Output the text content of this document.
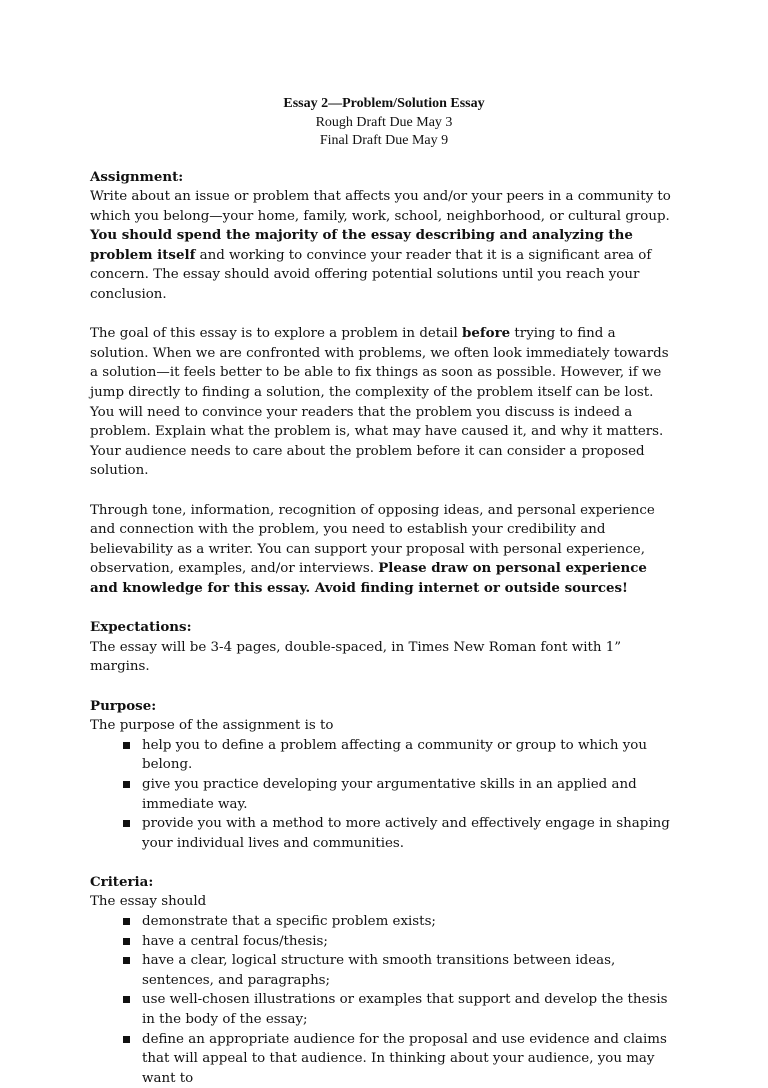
Essay 2—Problem/Solution Essay
Rough Draft Due May 3
Final Draft Due May 9

Assignment:
Write about an issue or problem that affects you and/or your peers in a community to which you belong—your home, family, work, school, neighborhood, or cultural group. You should spend the majority of the essay describing and analyzing the problem itself and working to convince your reader that it is a significant area of concern. The essay should avoid offering potential solutions until you reach your conclusion.

The goal of this essay is to explore a problem in detail before trying to find a solution. When we are confronted with problems, we often look immediately towards a solution—it feels better to be able to fix things as soon as possible. However, if we jump directly to finding a solution, the complexity of the problem itself can be lost. You will need to convince your readers that the problem you discuss is indeed a problem. Explain what the problem is, what may have caused it, and why it matters. Your audience needs to care about the problem before it can consider a proposed solution.

Through tone, information, recognition of opposing ideas, and personal experience and connection with the problem, you need to establish your credibility and believability as a writer. You can support your proposal with personal experience, observation, examples, and/or interviews. Please draw on personal experience and knowledge for this essay. Avoid finding internet or outside sources!

Expectations:
The essay will be 3-4 pages, double-spaced, in Times New Roman font with 1” margins.
Purpose:
The purpose of the assignment is to
help you to define a problem affecting a community or group to which you belong.
give you practice developing your argumentative skills in an applied and immediate way.
provide you with a method to more actively and effectively engage in shaping your individual lives and communities.
Criteria:
The essay should
demonstrate that a specific problem exists;
have a central focus/thesis;
have a clear, logical structure with smooth transitions between ideas, sentences, and paragraphs;
use well-chosen illustrations or examples that support and develop the thesis in the body of the essay;
define an appropriate audience for the proposal and use evidence and claims that will appeal to that audience. In thinking about your audience, you may want to
